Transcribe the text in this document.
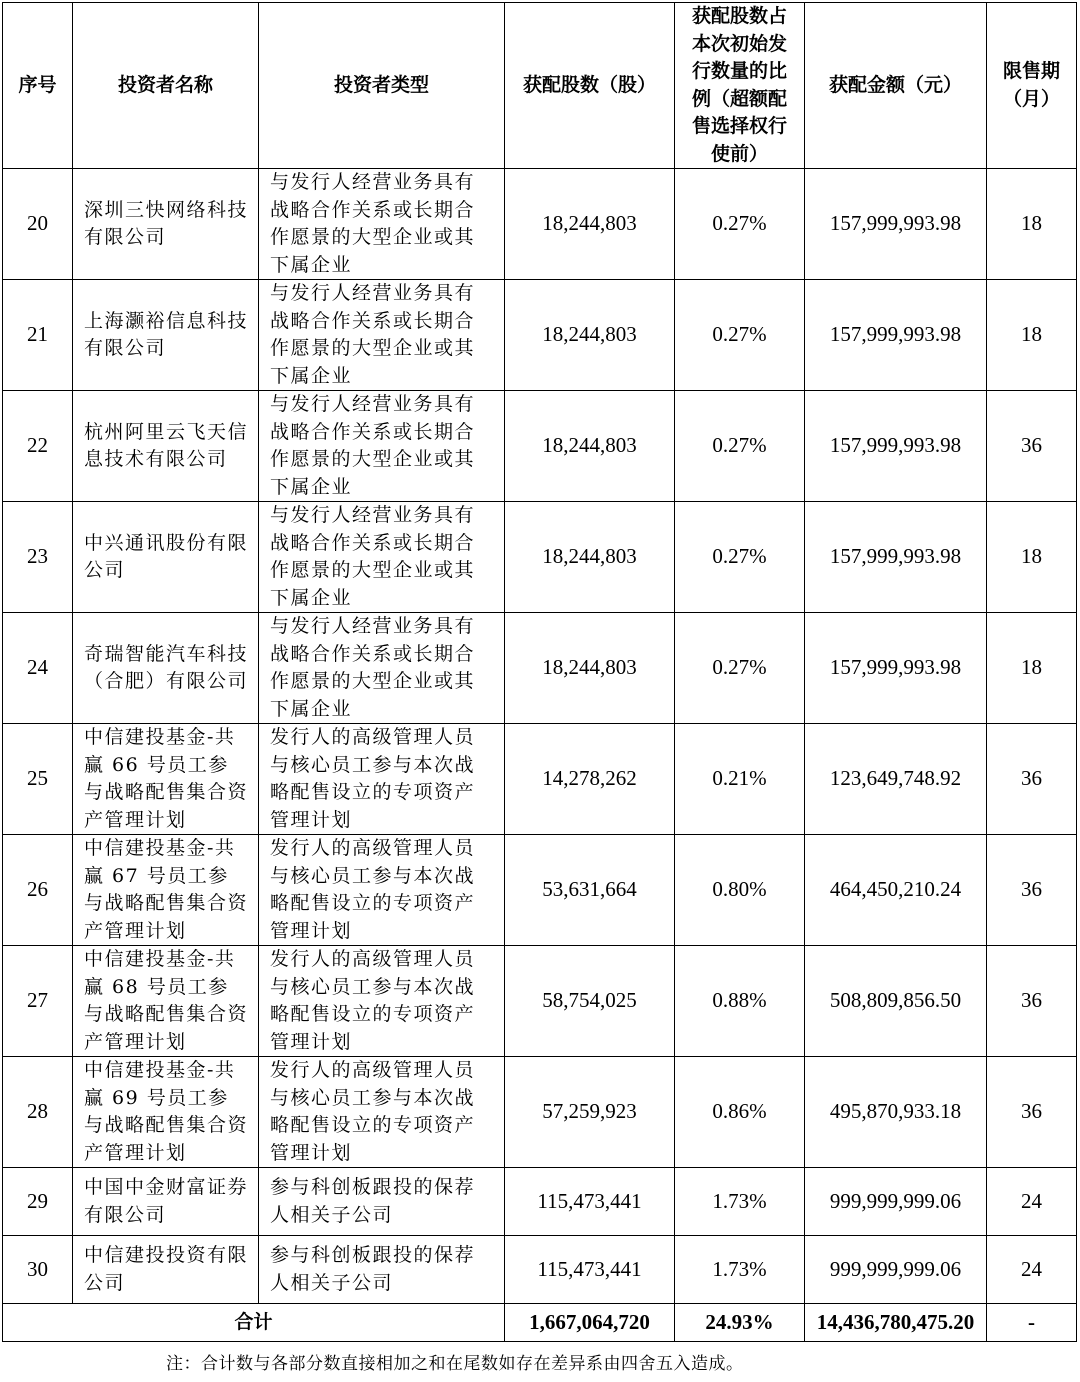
序号	投资者名称	投资者类型	获配股数（股）	获配股数占本次初始发行数量的比例（超额配售选择权行使前）	获配金额（元）	限售期（月）
20	深圳三快网络科技有限公司	与发行人经营业务具有战略合作关系或长期合作愿景的大型企业或其下属企业	18,244,803	0.27%	157,999,993.98	18
21	上海灏裕信息科技有限公司	与发行人经营业务具有战略合作关系或长期合作愿景的大型企业或其下属企业	18,244,803	0.27%	157,999,993.98	18
22	杭州阿里云飞天信息技术有限公司	与发行人经营业务具有战略合作关系或长期合作愿景的大型企业或其下属企业	18,244,803	0.27%	157,999,993.98	36
23	中兴通讯股份有限公司	与发行人经营业务具有战略合作关系或长期合作愿景的大型企业或其下属企业	18,244,803	0.27%	157,999,993.98	18
24	奇瑞智能汽车科技（合肥）有限公司	与发行人经营业务具有战略合作关系或长期合作愿景的大型企业或其下属企业	18,244,803	0.27%	157,999,993.98	18
25	中信建投基金-共赢 66 号员工参与战略配售集合资产管理计划	发行人的高级管理人员与核心员工参与本次战略配售设立的专项资产管理计划	14,278,262	0.21%	123,649,748.92	36
26	中信建投基金-共赢 67 号员工参与战略配售集合资产管理计划	发行人的高级管理人员与核心员工参与本次战略配售设立的专项资产管理计划	53,631,664	0.80%	464,450,210.24	36
27	中信建投基金-共赢 68 号员工参与战略配售集合资产管理计划	发行人的高级管理人员与核心员工参与本次战略配售设立的专项资产管理计划	58,754,025	0.88%	508,809,856.50	36
28	中信建投基金-共赢 69 号员工参与战略配售集合资产管理计划	发行人的高级管理人员与核心员工参与本次战略配售设立的专项资产管理计划	57,259,923	0.86%	495,870,933.18	36
29	中国中金财富证券有限公司	参与科创板跟投的保荐人相关子公司	115,473,441	1.73%	999,999,999.06	24
30	中信建投投资有限公司	参与科创板跟投的保荐人相关子公司	115,473,441	1.73%	999,999,999.06	24
合计			1,667,064,720	24.93%	14,436,780,475.20	-
注：合计数与各部分数直接相加之和在尾数如存在差异系由四舍五入造成。
